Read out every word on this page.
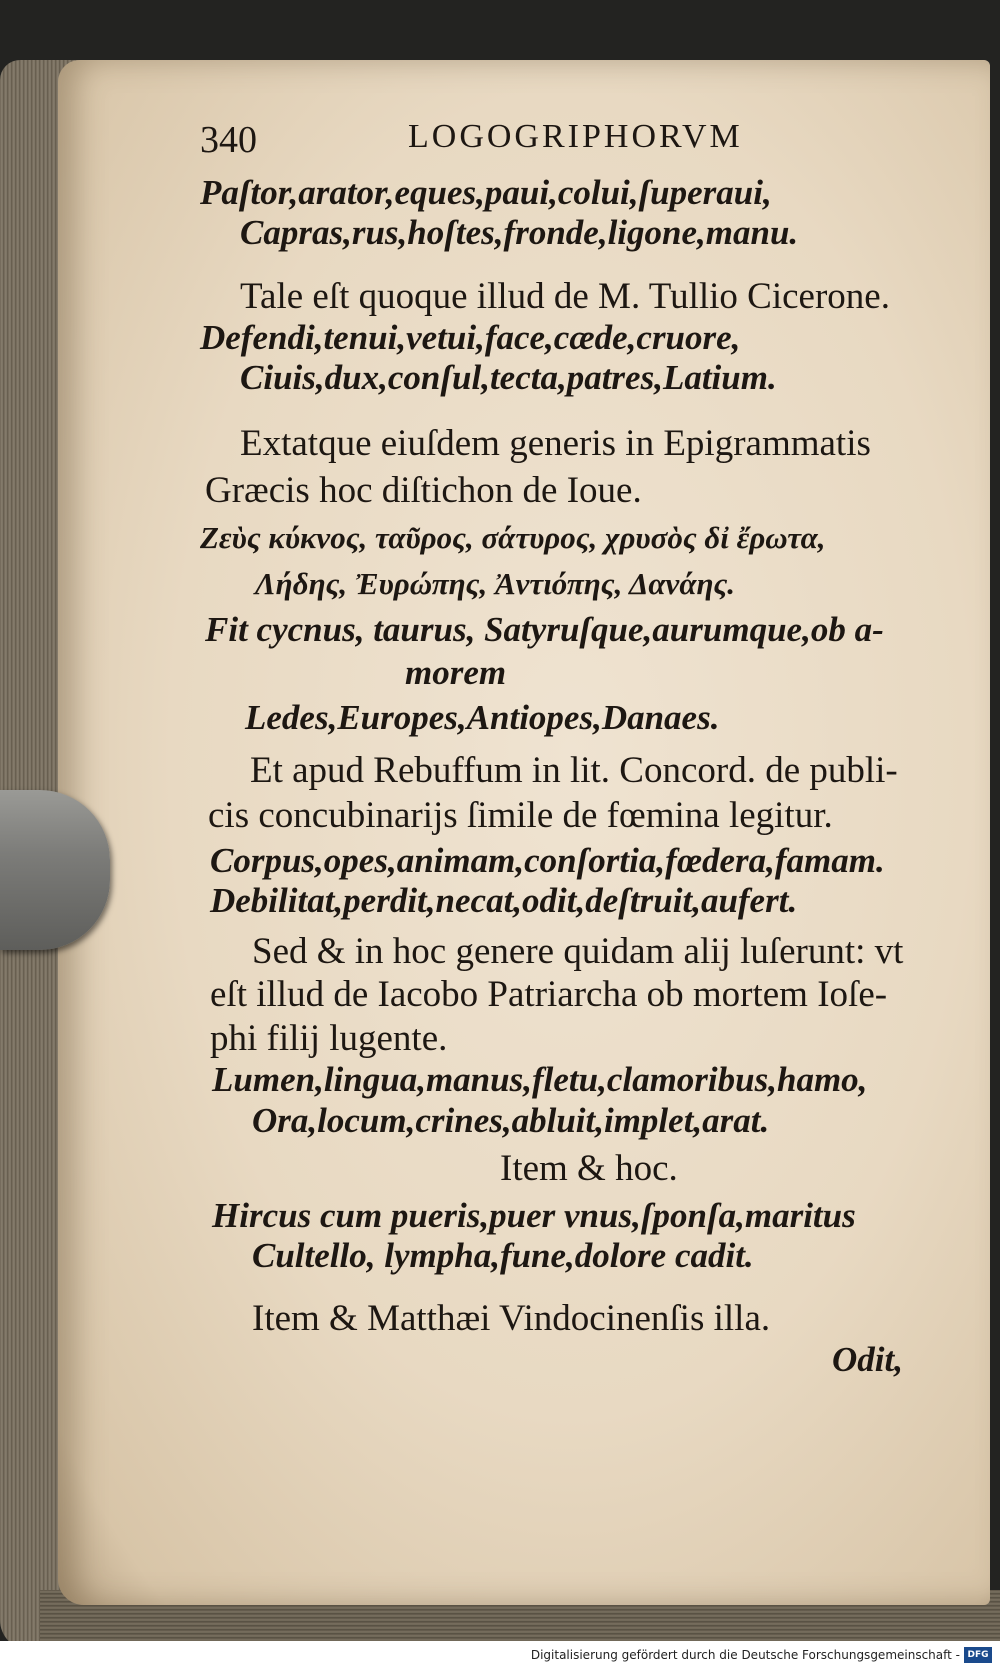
340	LOGOGRIPHORVM
Paſtor,arator,eques,paui,colui,ſuperaui,
Capras,rus,hoſtes,fronde,ligone,manu.
Tale eſt quoque illud de M. Tullio Cicerone.
Defendi,tenui,vetui,face,cæde,cruore,
Ciuis,dux,conſul,tecta,patres,Latium.
Extatque eiuſdem generis in Epigrammatis
Græcis hoc diſtichon de Ioue.
Ζεὺς κύκνος, ταῦρος, σάτυρος, χρυσὸς δἰ ἔρωτα,
Λήδης, Ἐυρώπης, Ἀντιόπης, Δανάης.
Fit cycnus, taurus, Satyruſque,aurumque,ob a-
morem
Ledes,Europes,Antiopes,Danaes.
Et apud Rebuffum in lit. Concord. de publi-
cis concubinarijs ſimile de fœmina legitur.
Corpus,opes,animam,conſortia,fœdera,famam.
Debilitat,perdit,necat,odit,deſtruit,aufert.
Sed & in hoc genere quidam alij luſerunt: vt
eſt illud de Iacobo Patriarcha ob mortem Ioſe-
phi filij lugente.
Lumen,lingua,manus,fletu,clamoribus,hamo,
Ora,locum,crines,abluit,implet,arat.
Item & hoc.
Hircus cum pueris,puer vnus,ſponſa,maritus
Cultello, lympha,fune,dolore cadit.
Item & Matthæi Vindocinenſis illa.
Odit,
Digitalisierung gefördert durch die Deutsche Forschungsgemeinschaft - DFG
